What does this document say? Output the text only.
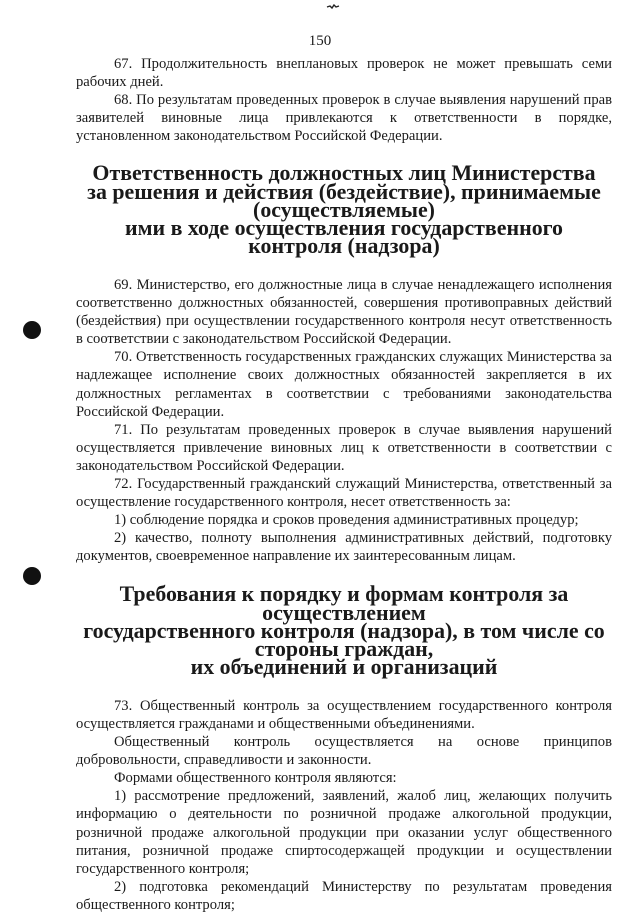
150

67. Продолжительность внеплановых проверок не может превышать семи рабочих дней.

68. По результатам проведенных проверок в случае выявления нарушений прав заявителей виновные лица привлекаются к ответственности в порядке, установленном законодательством Российской Федерации.

Ответственность должностных лиц Министерства
за решения и действия (бездействие), принимаемые (осуществляемые)
ими в ходе осуществления государственного контроля (надзора)

69. Министерство, его должностные лица в случае ненадлежащего исполнения соответственно должностных обязанностей, совершения противоправных действий (бездействия) при осуществлении государственного контроля несут ответственность в соответствии с законодательством Российской Федерации.

70. Ответственность государственных гражданских служащих Министерства за надлежащее исполнение своих должностных обязанностей закрепляется в их должностных регламентах в соответствии с требованиями законодательства Российской Федерации.

71. По результатам проведенных проверок в случае выявления нарушений осуществляется привлечение виновных лиц к ответственности в соответствии с законодательством Российской Федерации.

72. Государственный гражданский служащий Министерства, ответственный за осуществление государственного контроля, несет ответственность за:

1) соблюдение порядка и сроков проведения административных процедур;

2) качество, полноту выполнения административных действий, подготовку документов, своевременное направление их заинтересованным лицам.

Требования к порядку и формам контроля за осуществлением
государственного контроля (надзора), в том числе со стороны граждан,
их объединений и организаций

73. Общественный контроль за осуществлением государственного контроля осуществляется гражданами и общественными объединениями.

Общественный контроль осуществляется на основе принципов добровольности, справедливости и законности.

Формами общественного контроля являются:

1) рассмотрение предложений, заявлений, жалоб лиц, желающих получить информацию о деятельности по розничной продаже алкогольной продукции, розничной продаже алкогольной продукции при оказании услуг общественного питания, розничной продаже спиртосодержащей продукции и осуществлении государственного контроля;

2) подготовка рекомендаций Министерству по результатам проведения общественного контроля;
